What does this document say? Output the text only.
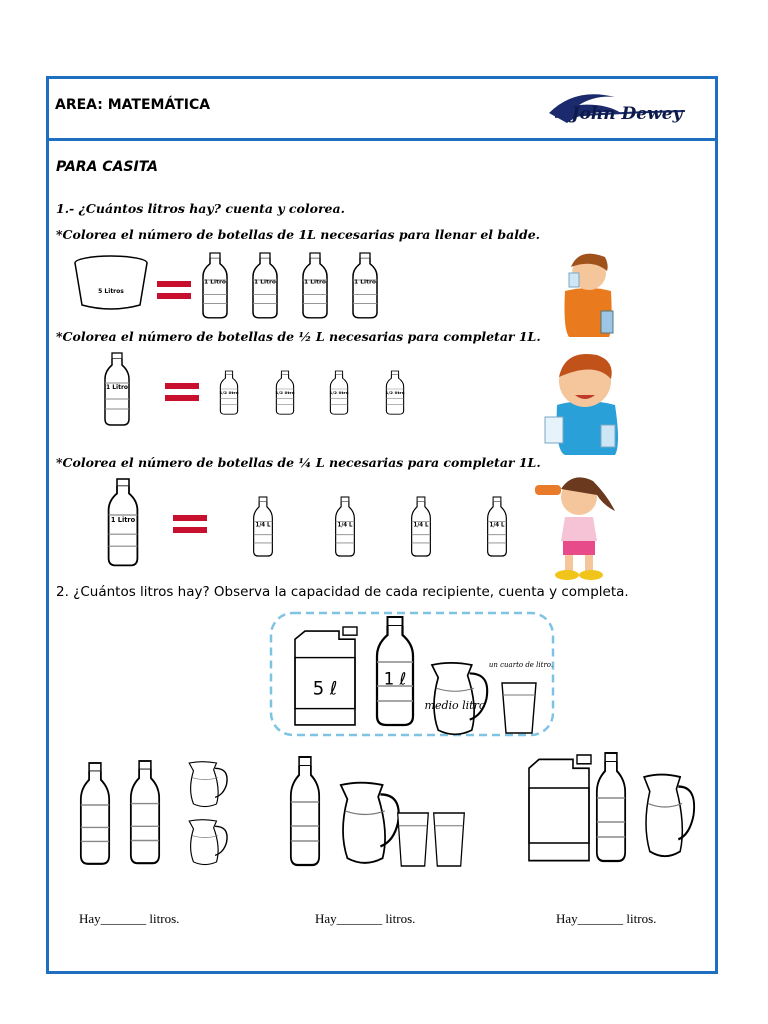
AREA: MATEMÁTICA	John Dewey
PARA CASITA
1.- ¿Cuántos litros hay? cuenta y colorea.
*Colorea el número de botellas de 1L necesarias para llenar el balde.
5 Litros
1 Litro	1 Litro	1 Litro	1 Litro
*Colorea el número de botellas de ½ L necesarias para completar 1L.
1 Litro
1/2 litro	1/2 litro	1/2 litro	1/2 litro
*Colorea el número de botellas de ¼ L necesarias para completar 1L.
1 Litro
1/4 L	1/4 L	1/4 L	1/4 L
2. ¿Cuántos litros hay? Observa la capacidad de cada recipiente, cuenta y completa.
5 ℓ	1 ℓ
medio litro
un cuarto de litro.
Hay_______ litros.	Hay_______ litros.	Hay_______ litros.
